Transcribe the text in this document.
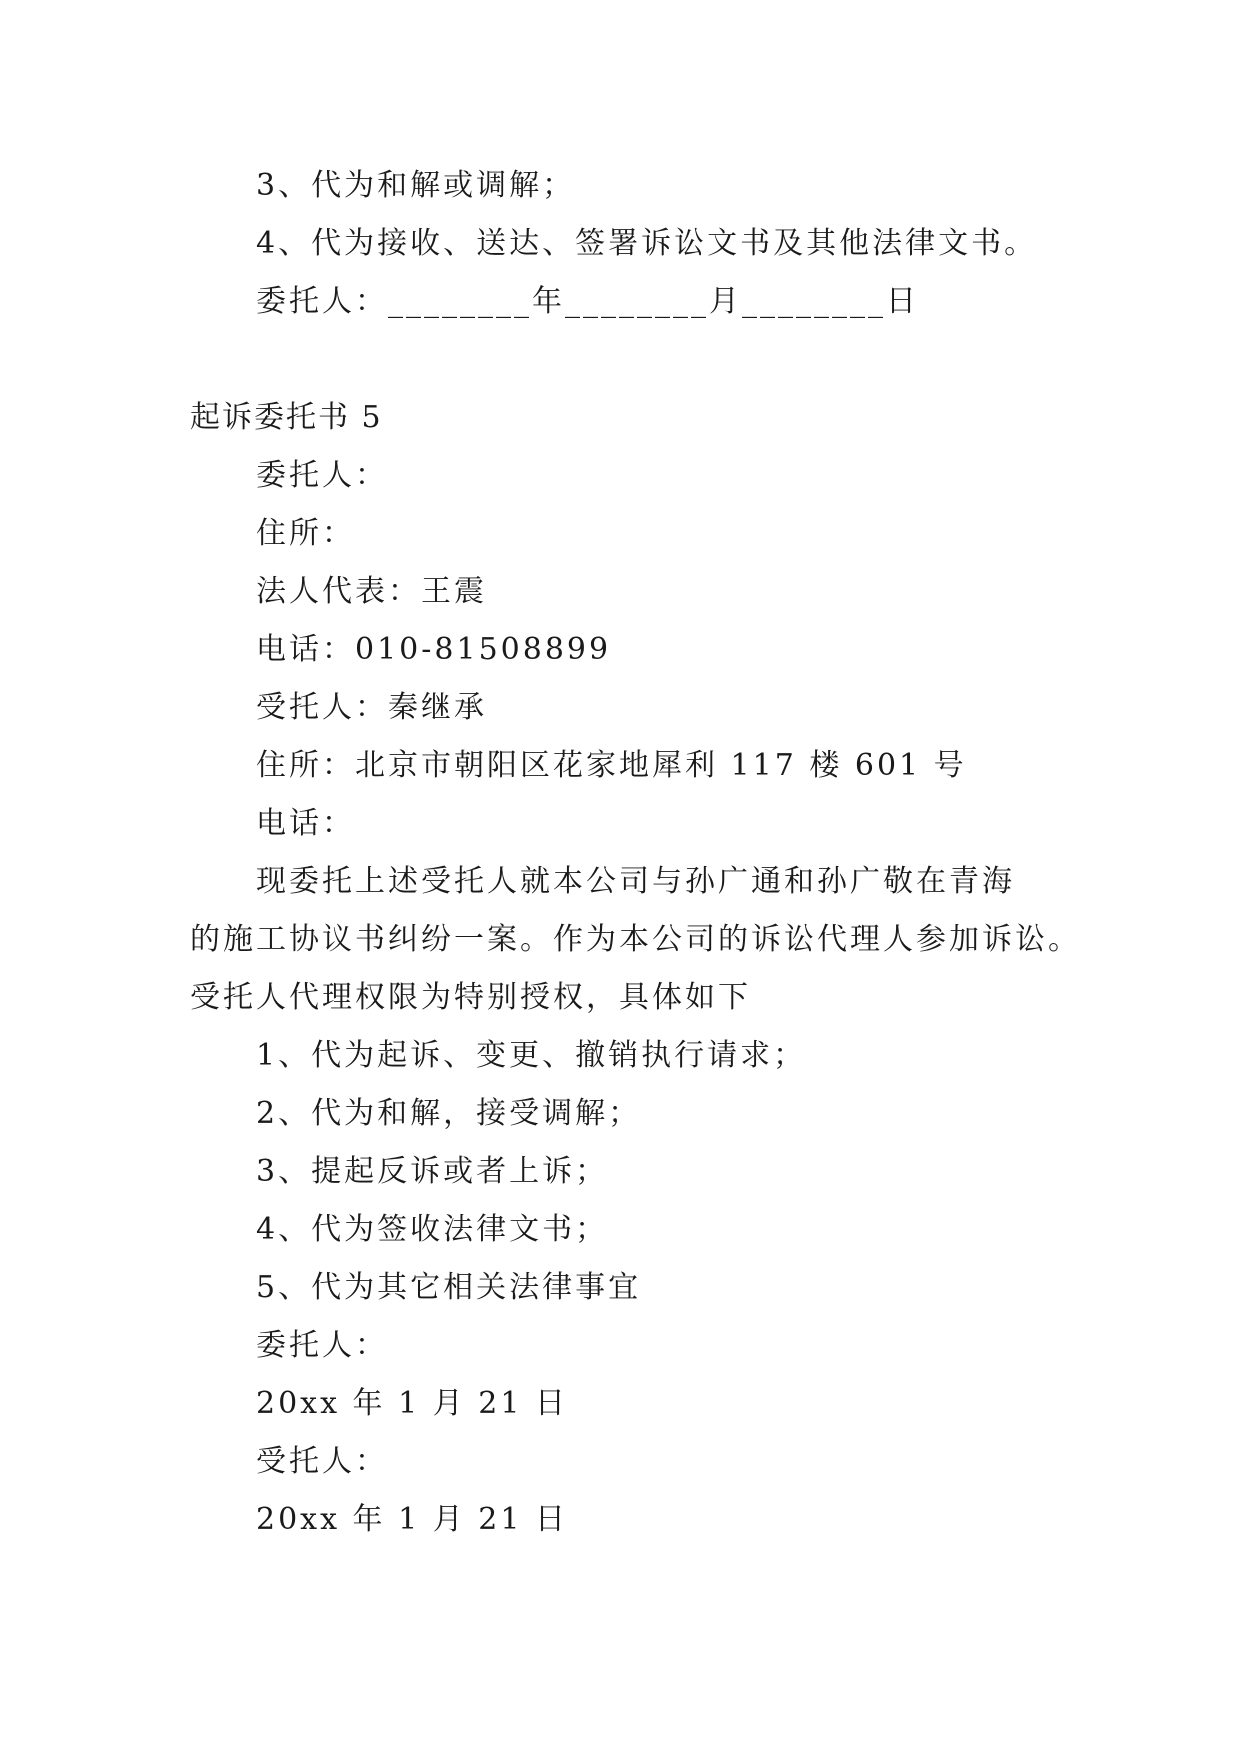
3、代为和解或调解；
4、代为接收、送达、签署诉讼文书及其他法律文书。
委托人：________年________月________日
起诉委托书 5
委托人：
住所：
法人代表：王震
电话：010-81508899
受托人：秦继承
住所：北京市朝阳区花家地犀利 117 楼 601 号
电话：
现委托上述受托人就本公司与孙广通和孙广敬在青海
的施工协议书纠纷一案。作为本公司的诉讼代理人参加诉讼。
受托人代理权限为特别授权，具体如下
1、代为起诉、变更、撤销执行请求；
2、代为和解，接受调解；
3、提起反诉或者上诉；
4、代为签收法律文书；
5、代为其它相关法律事宜
委托人：
20xx 年 1 月 21 日
受托人：
20xx 年 1 月 21 日
